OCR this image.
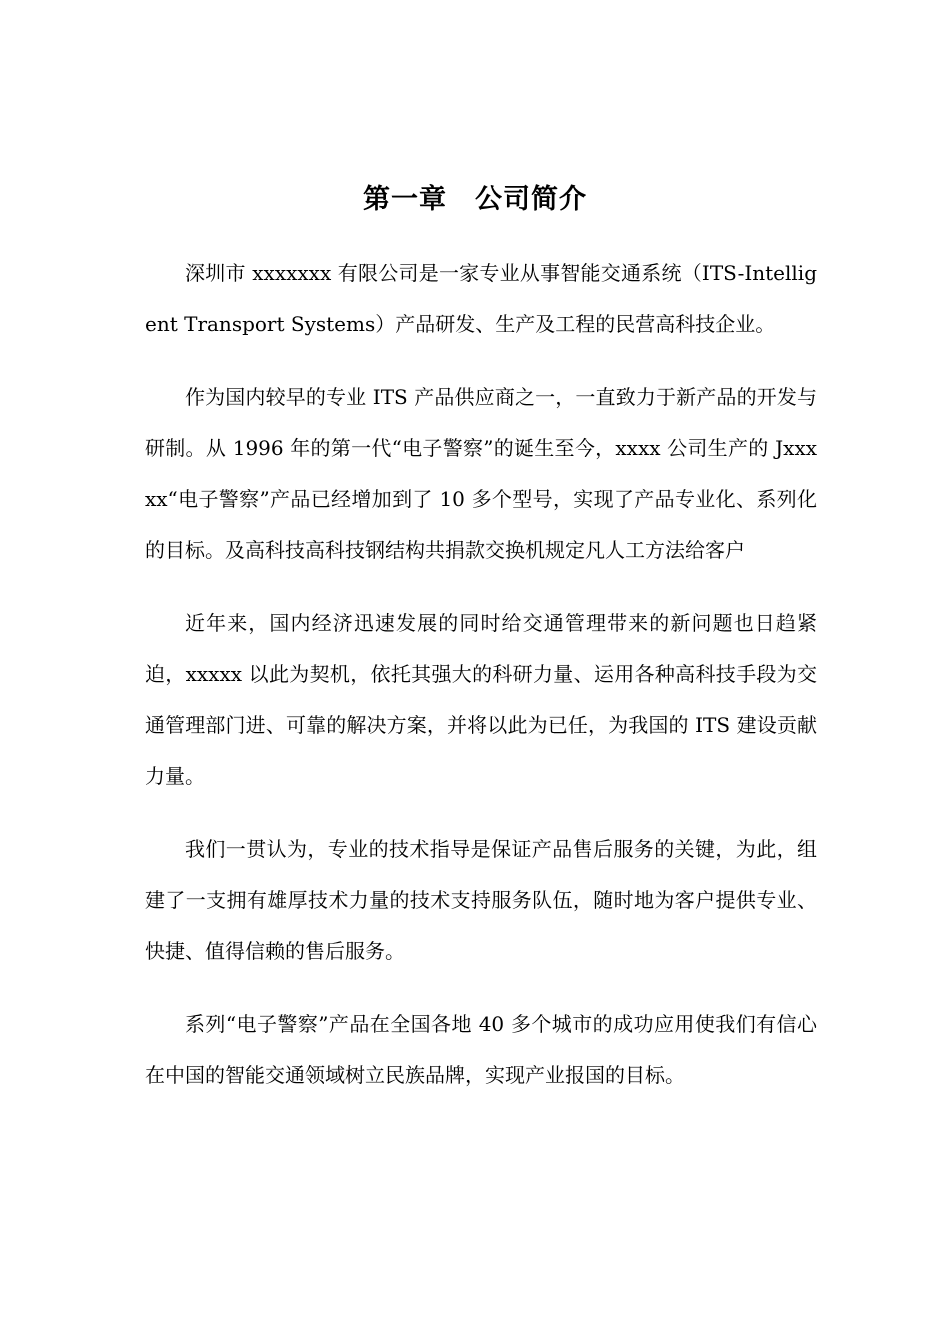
第一章　公司简介

深圳市 xxxxxxx 有限公司是一家专业从事智能交通系统（ITS-Intelligent Transport Systems）产品研发、生产及工程的民营高科技企业。

作为国内较早的专业 ITS 产品供应商之一，一直致力于新产品的开发与研制。从 1996 年的第一代“电子警察”的诞生至今，xxxx 公司生产的 Jxxxxx“电子警察”产品已经增加到了 10 多个型号，实现了产品专业化、系列化的目标。及高科技高科技钢结构共捐款交换机规定凡人工方法给客户

近年来，国内经济迅速发展的同时给交通管理带来的新问题也日趋紧迫，xxxxx 以此为契机，依托其强大的科研力量、运用各种高科技手段为交通管理部门进、可靠的解决方案，并将以此为已任，为我国的 ITS 建设贡献力量。

我们一贯认为，专业的技术指导是保证产品售后服务的关键，为此，组建了一支拥有雄厚技术力量的技术支持服务队伍，随时地为客户提供专业、快捷、值得信赖的售后服务。

系列“电子警察”产品在全国各地 40 多个城市的成功应用使我们有信心在中国的智能交通领域树立民族品牌，实现产业报国的目标。
